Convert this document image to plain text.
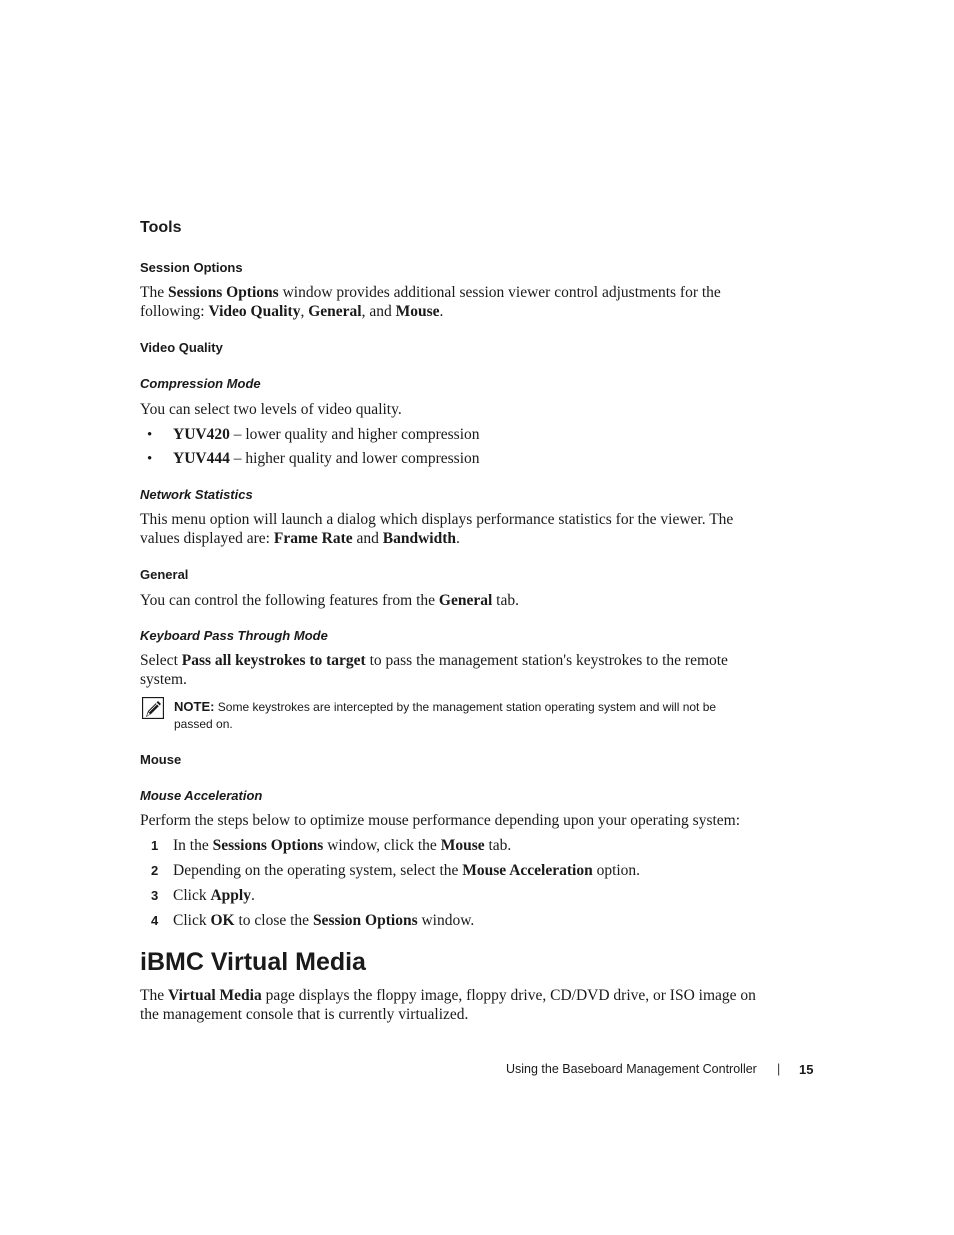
Tools
Session Options
The Sessions Options window provides additional session viewer control adjustments for the
following: Video Quality, General, and Mouse.
Video Quality
Compression Mode
You can select two levels of video quality.
• YUV420 – lower quality and higher compression
• YUV444 – higher quality and lower compression
Network Statistics
This menu option will launch a dialog which displays performance statistics for the viewer. The
values displayed are: Frame Rate and Bandwidth.
General
You can control the following features from the General tab.
Keyboard Pass Through Mode
Select Pass all keystrokes to target to pass the management station's keystrokes to the remote
system.
NOTE: Some keystrokes are intercepted by the management station operating system and will not be
passed on.
Mouse
Mouse Acceleration
Perform the steps below to optimize mouse performance depending upon your operating system:
1 In the Sessions Options window, click the Mouse tab.
2 Depending on the operating system, select the Mouse Acceleration option.
3 Click Apply.
4 Click OK to close the Session Options window.
iBMC Virtual Media
The Virtual Media page displays the floppy image, floppy drive, CD/DVD drive, or ISO image on
the management console that is currently virtualized.
Using the Baseboard Management Controller | 15
